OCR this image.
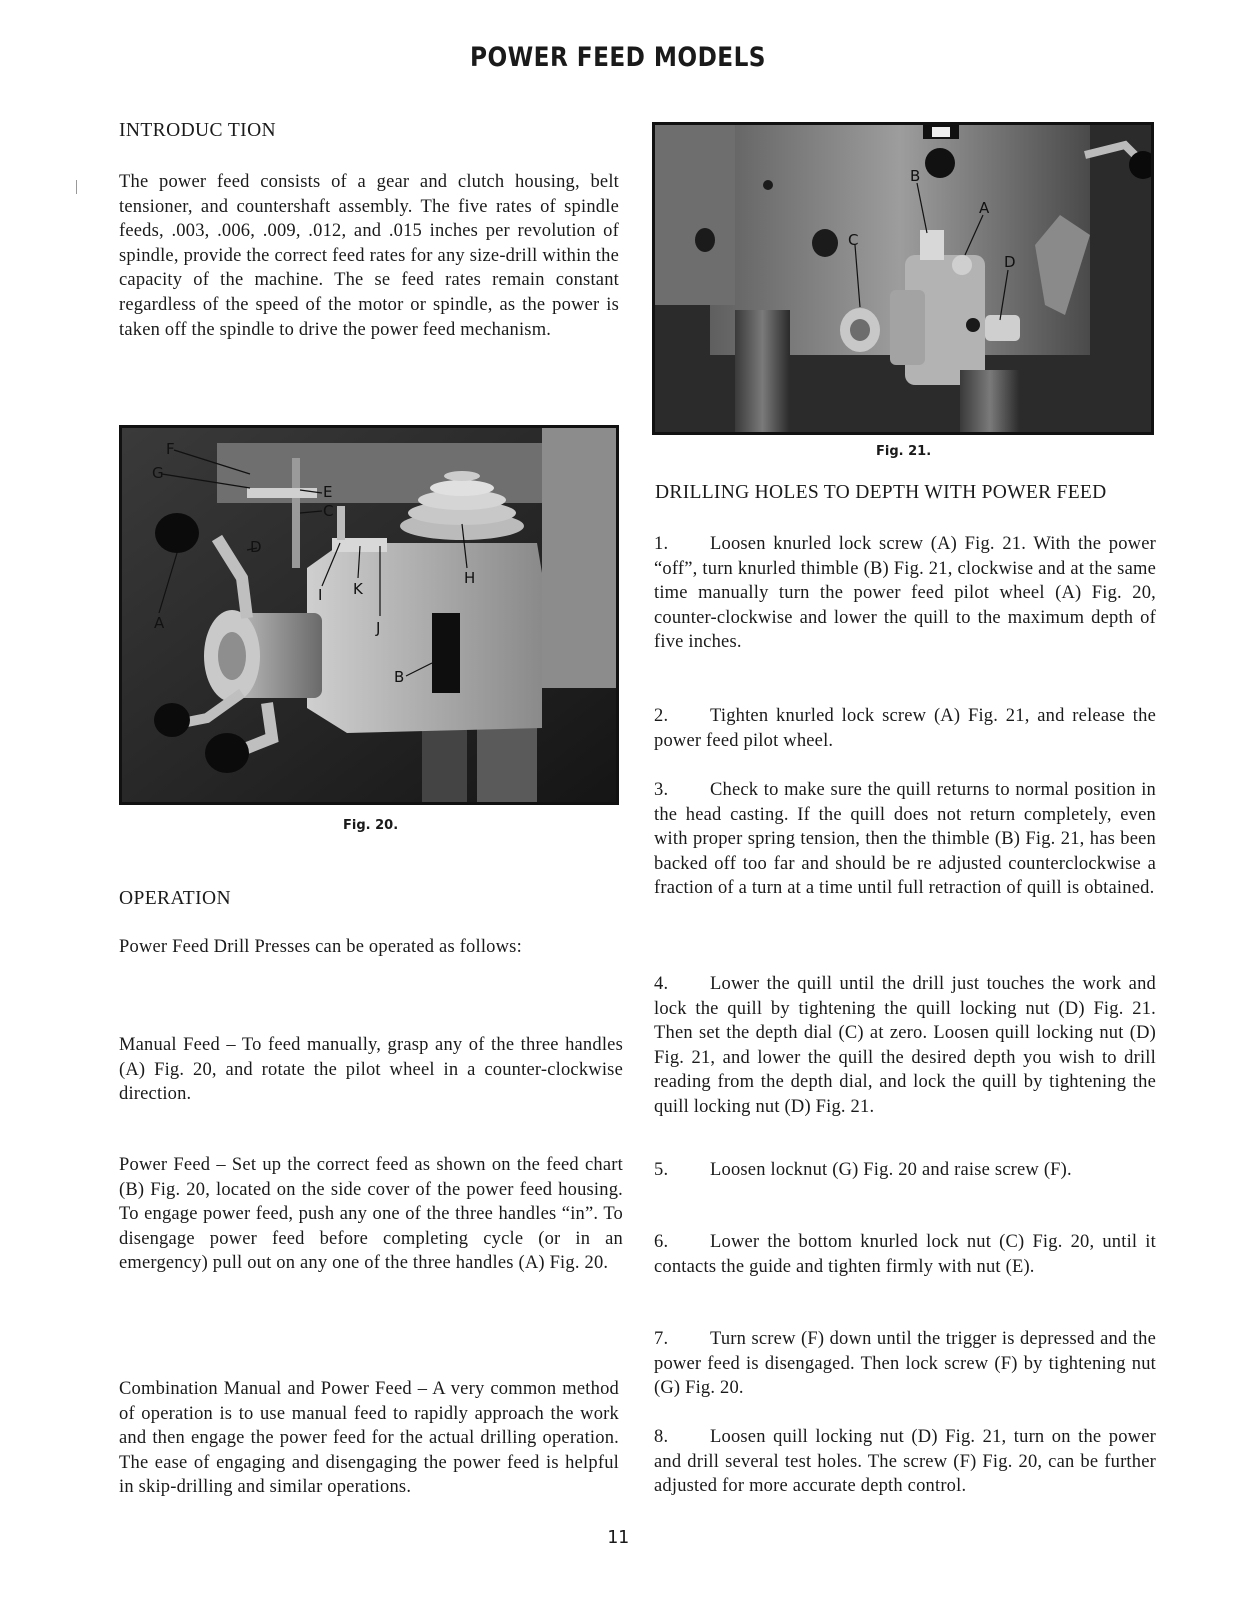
POWER FEED MODELS
INTRODUC TION
The power feed consists of a gear and clutch housing, belt tensioner, and countershaft assembly. The five rates of spindle feeds, .003, .006, .009, .012, and .015 inches per revolution of spindle, provide the correct feed rates for any size-drill within the capacity of the machine. The se feed rates remain constant regardless of the speed of the motor or spindle, as the power is taken off the spindle to drive the power feed mechanism.
F
G
E
C
D
A
I K
H
J
B
Fig. 20.
OPERATION
Power Feed Drill Presses can be operated as follows:
Manual Feed – To feed manually, grasp any of the three handles (A) Fig. 20, and rotate the pilot wheel in a counter-clockwise direction.
Power Feed – Set up the correct feed as shown on the feed chart (B) Fig. 20, located on the side cover of the power feed housing. To engage power feed, push any one of the three handles “in”. To disengage power feed before completing cycle (or in an emergency) pull out on any one of the three handles (A) Fig. 20.
Combination Manual and Power Feed – A very common method of operation is to use manual feed to rapidly approach the work and then engage the power feed for the actual drilling operation. The ease of engaging and disengaging the power feed is helpful in skip-drilling and similar operations.
B
A
C
D
Fig. 21.
DRILLING HOLES TO DEPTH WITH POWER FEED
1. Loosen knurled lock screw (A) Fig. 21. With the power “off”, turn knurled thimble (B) Fig. 21, clockwise and at the same time manually turn the power feed pilot wheel (A) Fig. 20, counter-clockwise and lower the quill to the maximum depth of five inches.
2. Tighten knurled lock screw (A) Fig. 21, and release the power feed pilot wheel.
3. Check to make sure the quill returns to normal position in the head casting. If the quill does not return completely, even with proper spring tension, then the thimble (B) Fig. 21, has been backed off too far and should be re adjusted counterclockwise a fraction of a turn at a time until full retraction of quill is obtained.
4. Lower the quill until the drill just touches the work and lock the quill by tightening the quill locking nut (D) Fig. 21. Then set the depth dial (C) at zero. Loosen quill locking nut (D) Fig. 21, and lower the quill the desired depth you wish to drill reading from the depth dial, and lock the quill by tightening the quill locking nut (D) Fig. 21.
5. Loosen locknut (G) Fig. 20 and raise screw (F).
6. Lower the bottom knurled lock nut (C) Fig. 20, until it contacts the guide and tighten firmly with nut (E).
7. Turn screw (F) down until the trigger is depressed and the power feed is disengaged. Then lock screw (F) by tightening nut (G) Fig. 20.
8. Loosen quill locking nut (D) Fig. 21, turn on the power and drill several test holes. The screw (F) Fig. 20, can be further adjusted for more accurate depth control.
11
